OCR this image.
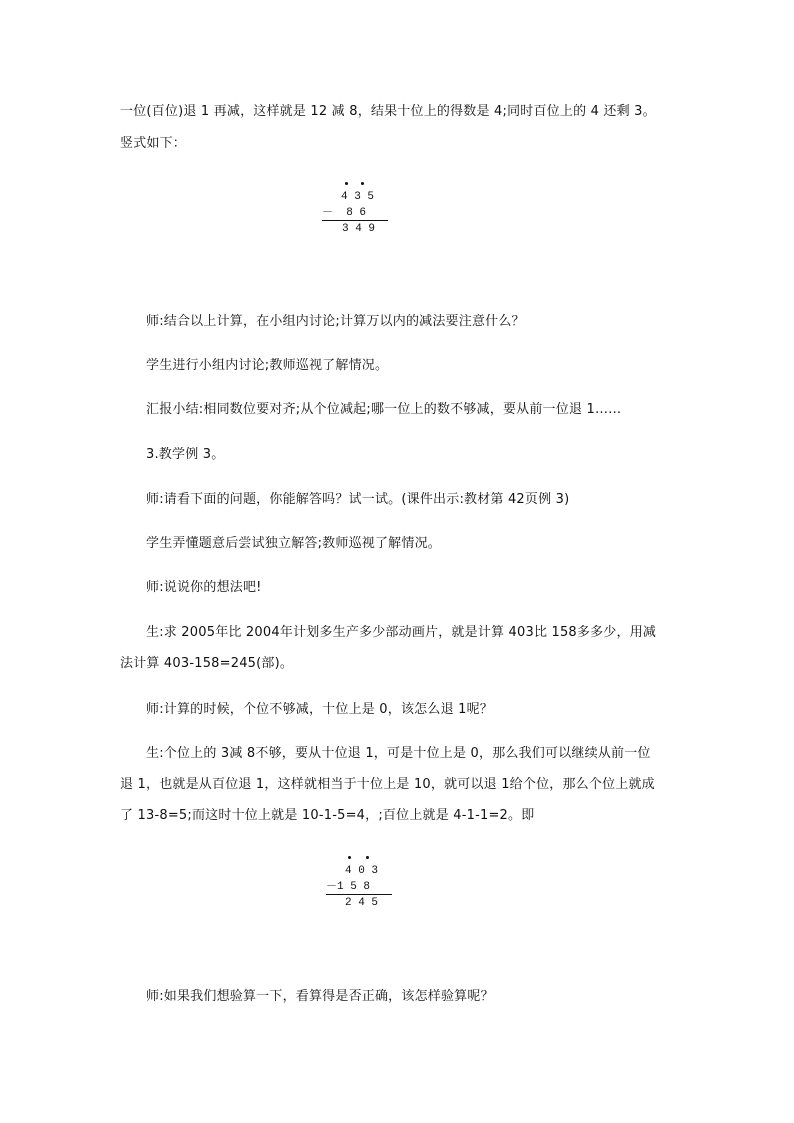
一位(百位)退 1 再减，这样就是 12 减 8，结果十位上的得数是 4;同时百位上的 4 还剩 3。
竖式如下：
4 3 5
－  8 6
3 4 9
师:结合以上计算，在小组内讨论;计算万以内的减法要注意什么？
学生进行小组内讨论;教师巡视了解情况。
汇报小结:相同数位要对齐;从个位减起;哪一位上的数不够减，要从前一位退 1……
3.教学例 3。
师:请看下面的问题，你能解答吗？试一试。(课件出示:教材第 42页例 3)
学生弄懂题意后尝试独立解答;教师巡视了解情况。
师:说说你的想法吧!
生:求 2005年比 2004年计划多生产多少部动画片，就是计算 403比 158多多少，用减
法计算 403-158=245(部)。
师:计算的时候，个位不够减，十位上是 0，该怎么退 1呢？
生:个位上的 3减 8不够，要从十位退 1，可是十位上是 0，那么我们可以继续从前一位
退 1，也就是从百位退 1，这样就相当于十位上是 10，就可以退 1给个位，那么个位上就成
了 13-8=5;而这时十位上就是 10-1-5=4，;百位上就是 4-1-1=2。即
4 0 3
－1 5 8
2 4 5
师:如果我们想验算一下，看算得是否正确，该怎样验算呢？
